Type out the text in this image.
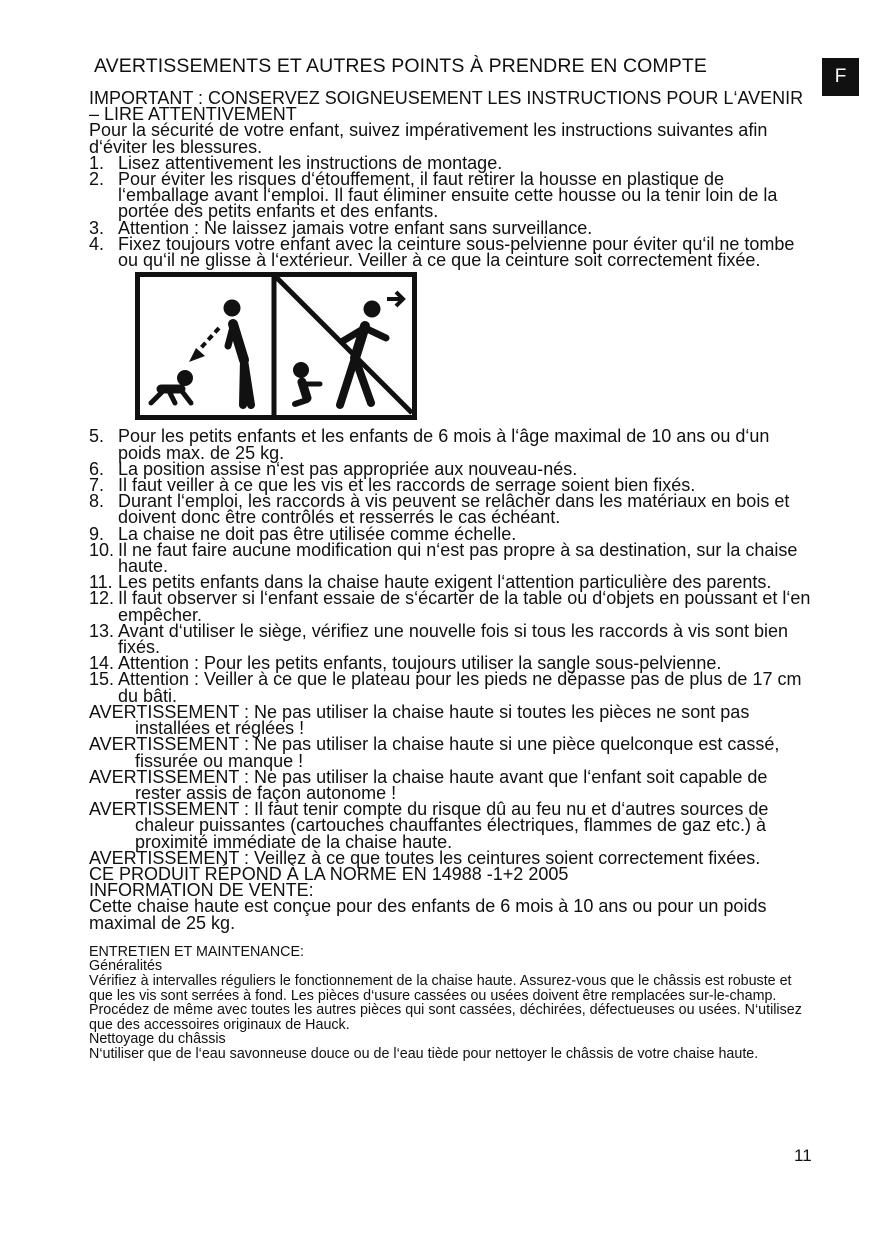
AVERTISSEMENTS ET AUTRES POINTS À PRENDRE EN COMPTE	F

IMPORTANT : CONSERVEZ SOIGNEUSEMENT LES INSTRUCTIONS POUR L‘AVENIR – LIRE ATTENTIVEMENT

Pour la sécurité de votre enfant, suivez impérativement les instructions suivantes afin d‘éviter les blessures.

1. Lisez attentivement les instructions de montage.
2. Pour éviter les risques d‘étouffement, il faut retirer la housse en plastique de l‘emballage avant l‘emploi. Il faut éliminer ensuite cette housse ou la tenir loin de la portée des petits enfants et des enfants.
3. Attention : Ne laissez jamais votre enfant sans surveillance.
4. Fixez toujours votre enfant avec la ceinture sous-pelvienne pour éviter qu‘il ne tombe ou qu‘il ne glisse à l‘extérieur. Veiller à ce que la ceinture soit correctement fixée.
5. Pour les petits enfants et les enfants de 6 mois à l‘âge maximal de 10 ans ou d‘un poids max. de 25 kg.
6. La position assise n‘est pas appropriée aux nouveau-nés.
7. Il faut veiller à ce que les vis et les raccords de serrage soient bien fixés.
8. Durant l‘emploi, les raccords à vis peuvent se relâcher dans les matériaux en bois et doivent donc être contrôlés et resserrés le cas échéant.
9. La chaise ne doit pas être utilisée comme échelle.
10. Il ne faut faire aucune modification qui n‘est pas propre à sa destination, sur la chaise haute.
11. Les petits enfants dans la chaise haute exigent l‘attention particulière des parents.
12. Il faut observer si l‘enfant essaie de s‘écarter de la table ou d‘objets en poussant et l‘en empêcher.
13. Avant d‘utiliser le siège, vérifiez une nouvelle fois si tous les raccords à vis sont bien fixés.
14. Attention : Pour les petits enfants, toujours utiliser la sangle sous-pelvienne.
15. Attention : Veiller à ce que le plateau pour les pieds ne dépasse pas de plus de 17 cm du bâti.

AVERTISSEMENT : Ne pas utiliser la chaise haute si toutes les pièces ne sont pas installées et réglées !

AVERTISSEMENT : Ne pas utiliser la chaise haute si une pièce quelconque est cassé, fissurée ou manque !

AVERTISSEMENT : Ne pas utiliser la chaise haute avant que l‘enfant soit capable de rester assis de façon autonome !

AVERTISSEMENT : Il faut tenir compte du risque dû au feu nu et d‘autres sources de chaleur puissantes (cartouches chauffantes électriques, flammes de gaz etc.) à proximité immédiate de la chaise haute.

AVERTISSEMENT : Veillez à ce que toutes les ceintures soient correctement fixées.

CE PRODUIT RÉPOND À LA NORME EN 14988 -1+2 2005

INFORMATION DE VENTE:

Cette chaise haute est conçue pour des enfants de 6 mois à 10 ans ou pour un poids maximal de 25 kg.

ENTRETIEN ET MAINTENANCE:

Généralités

Vérifiez à intervalles réguliers le fonctionnement de la chaise haute. Assurez-vous que le châssis est robuste et que les vis sont serrées à fond. Les pièces d‘usure cassées ou usées doivent être remplacées sur-le-champ. Procédez de même avec toutes les autres pièces qui sont cassées, déchirées, défectueuses ou usées. N‘utilisez que des accessoires originaux de Hauck.

Nettoyage du châssis

N‘utiliser que de l‘eau savonneuse douce ou de l‘eau tiède pour nettoyer le châssis de votre chaise haute.

11
